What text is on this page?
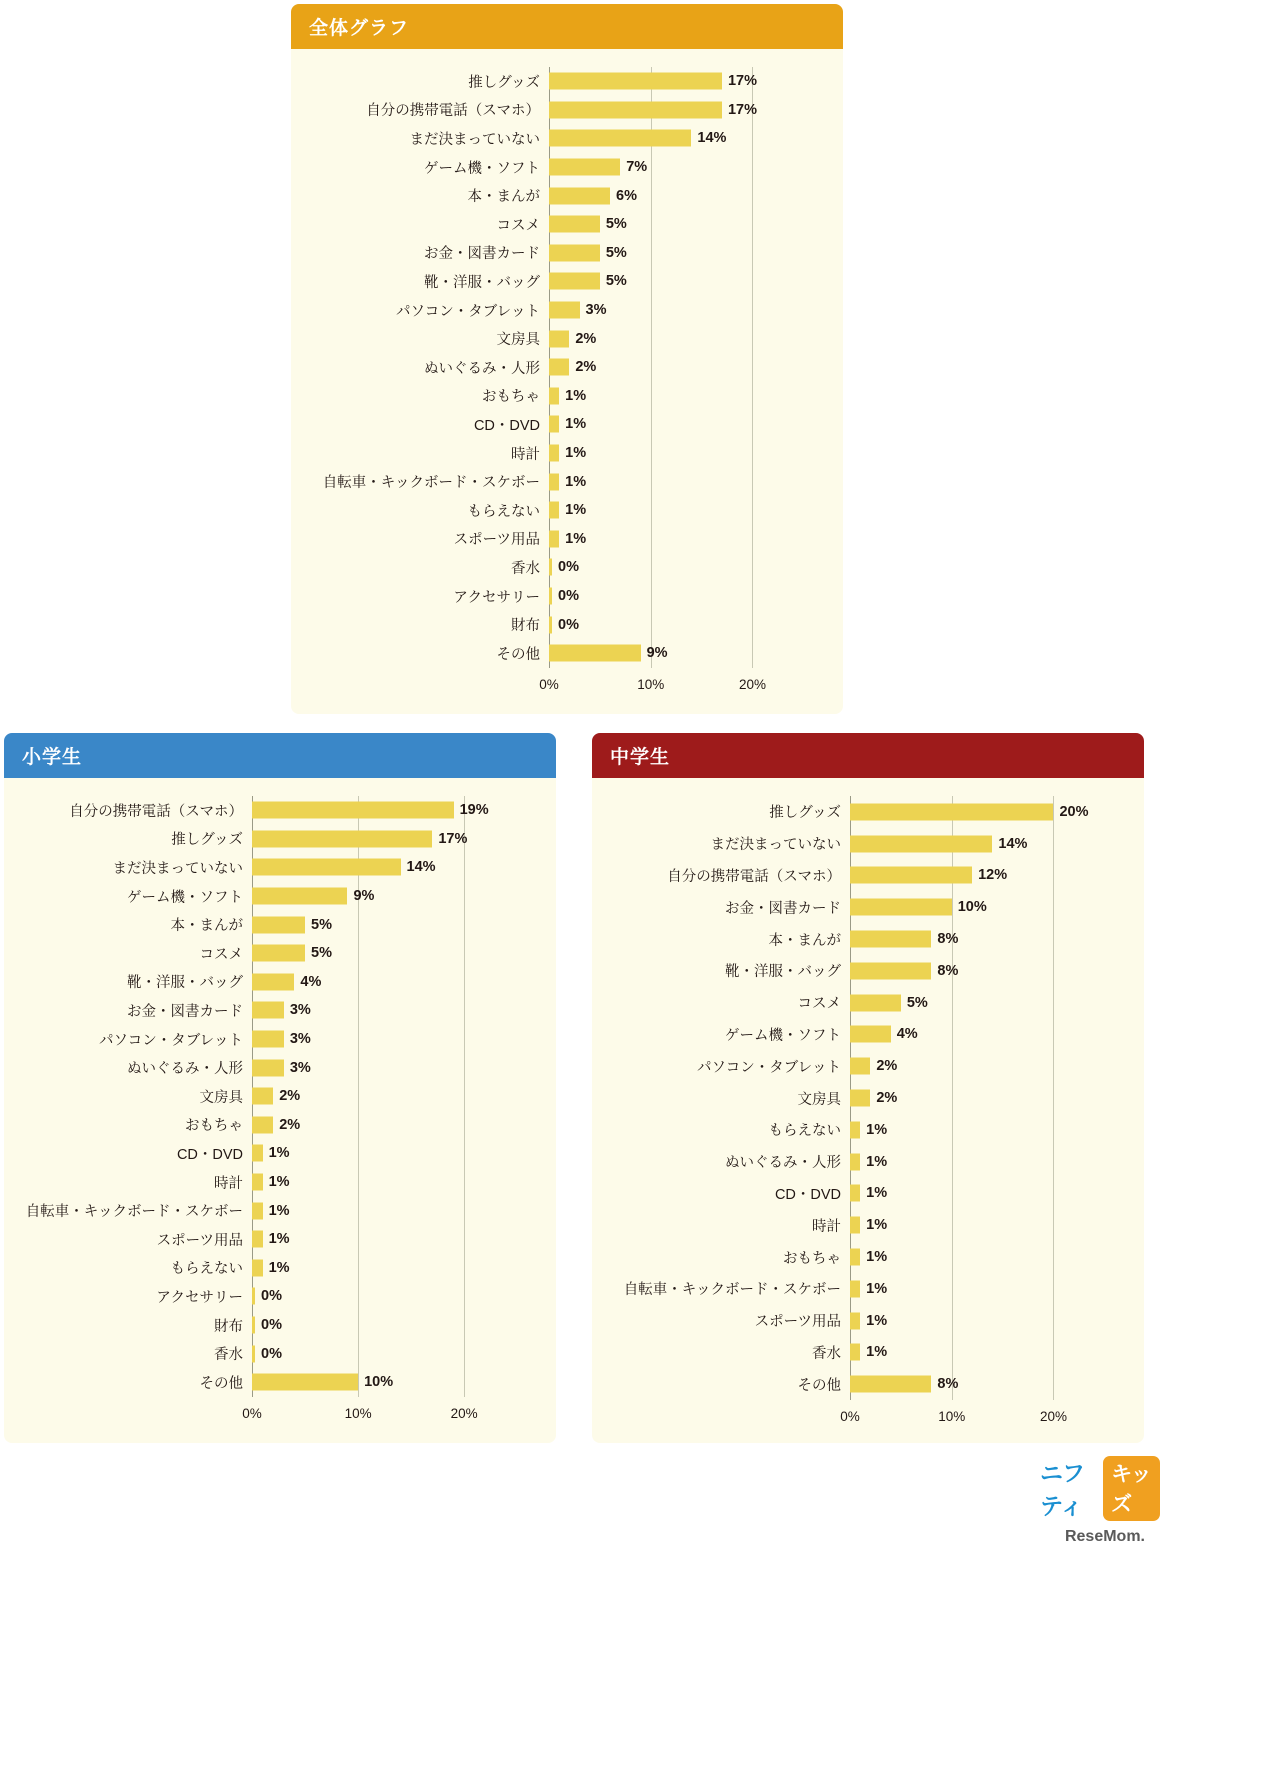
全体グラフ
0%	10%	20%
推しグッズ	17%
自分の携帯電話（スマホ）	17%
まだ決まっていない	14%
ゲーム機・ソフト	7%
本・まんが	6%
コスメ	5%
お金・図書カード	5%
靴・洋服・バッグ	5%
パソコン・タブレット	3%
文房具	2%
ぬいぐるみ・人形	2%
おもちゃ	1%
CD・DVD	1%
時計	1%
自転車・キックボード・スケボー	1%
もらえない	1%
スポーツ用品	1%
香水	0%
アクセサリー	0%
財布	0%
その他	9%
小学生
0%	10%	20%
自分の携帯電話（スマホ）	19%
推しグッズ	17%
まだ決まっていない	14%
ゲーム機・ソフト	9%
本・まんが	5%
コスメ	5%
靴・洋服・バッグ	4%
お金・図書カード	3%
パソコン・タブレット	3%
ぬいぐるみ・人形	3%
文房具	2%
おもちゃ	2%
CD・DVD	1%
時計	1%
自転車・キックボード・スケボー	1%
スポーツ用品	1%
もらえない	1%
アクセサリー	0%
財布	0%
香水	0%
その他	10%
中学生
0%	10%	20%
推しグッズ	20%
まだ決まっていない	14%
自分の携帯電話（スマホ）	12%
お金・図書カード	10%
本・まんが	8%
靴・洋服・バッグ	8%
コスメ	5%
ゲーム機・ソフト	4%
パソコン・タブレット	2%
文房具	2%
もらえない	1%
ぬいぐるみ・人形	1%
CD・DVD	1%
時計	1%
おもちゃ	1%
自転車・キックボード・スケボー	1%
スポーツ用品	1%
香水	1%
その他	8%
ニフティ
キッズ
ReseMom.
